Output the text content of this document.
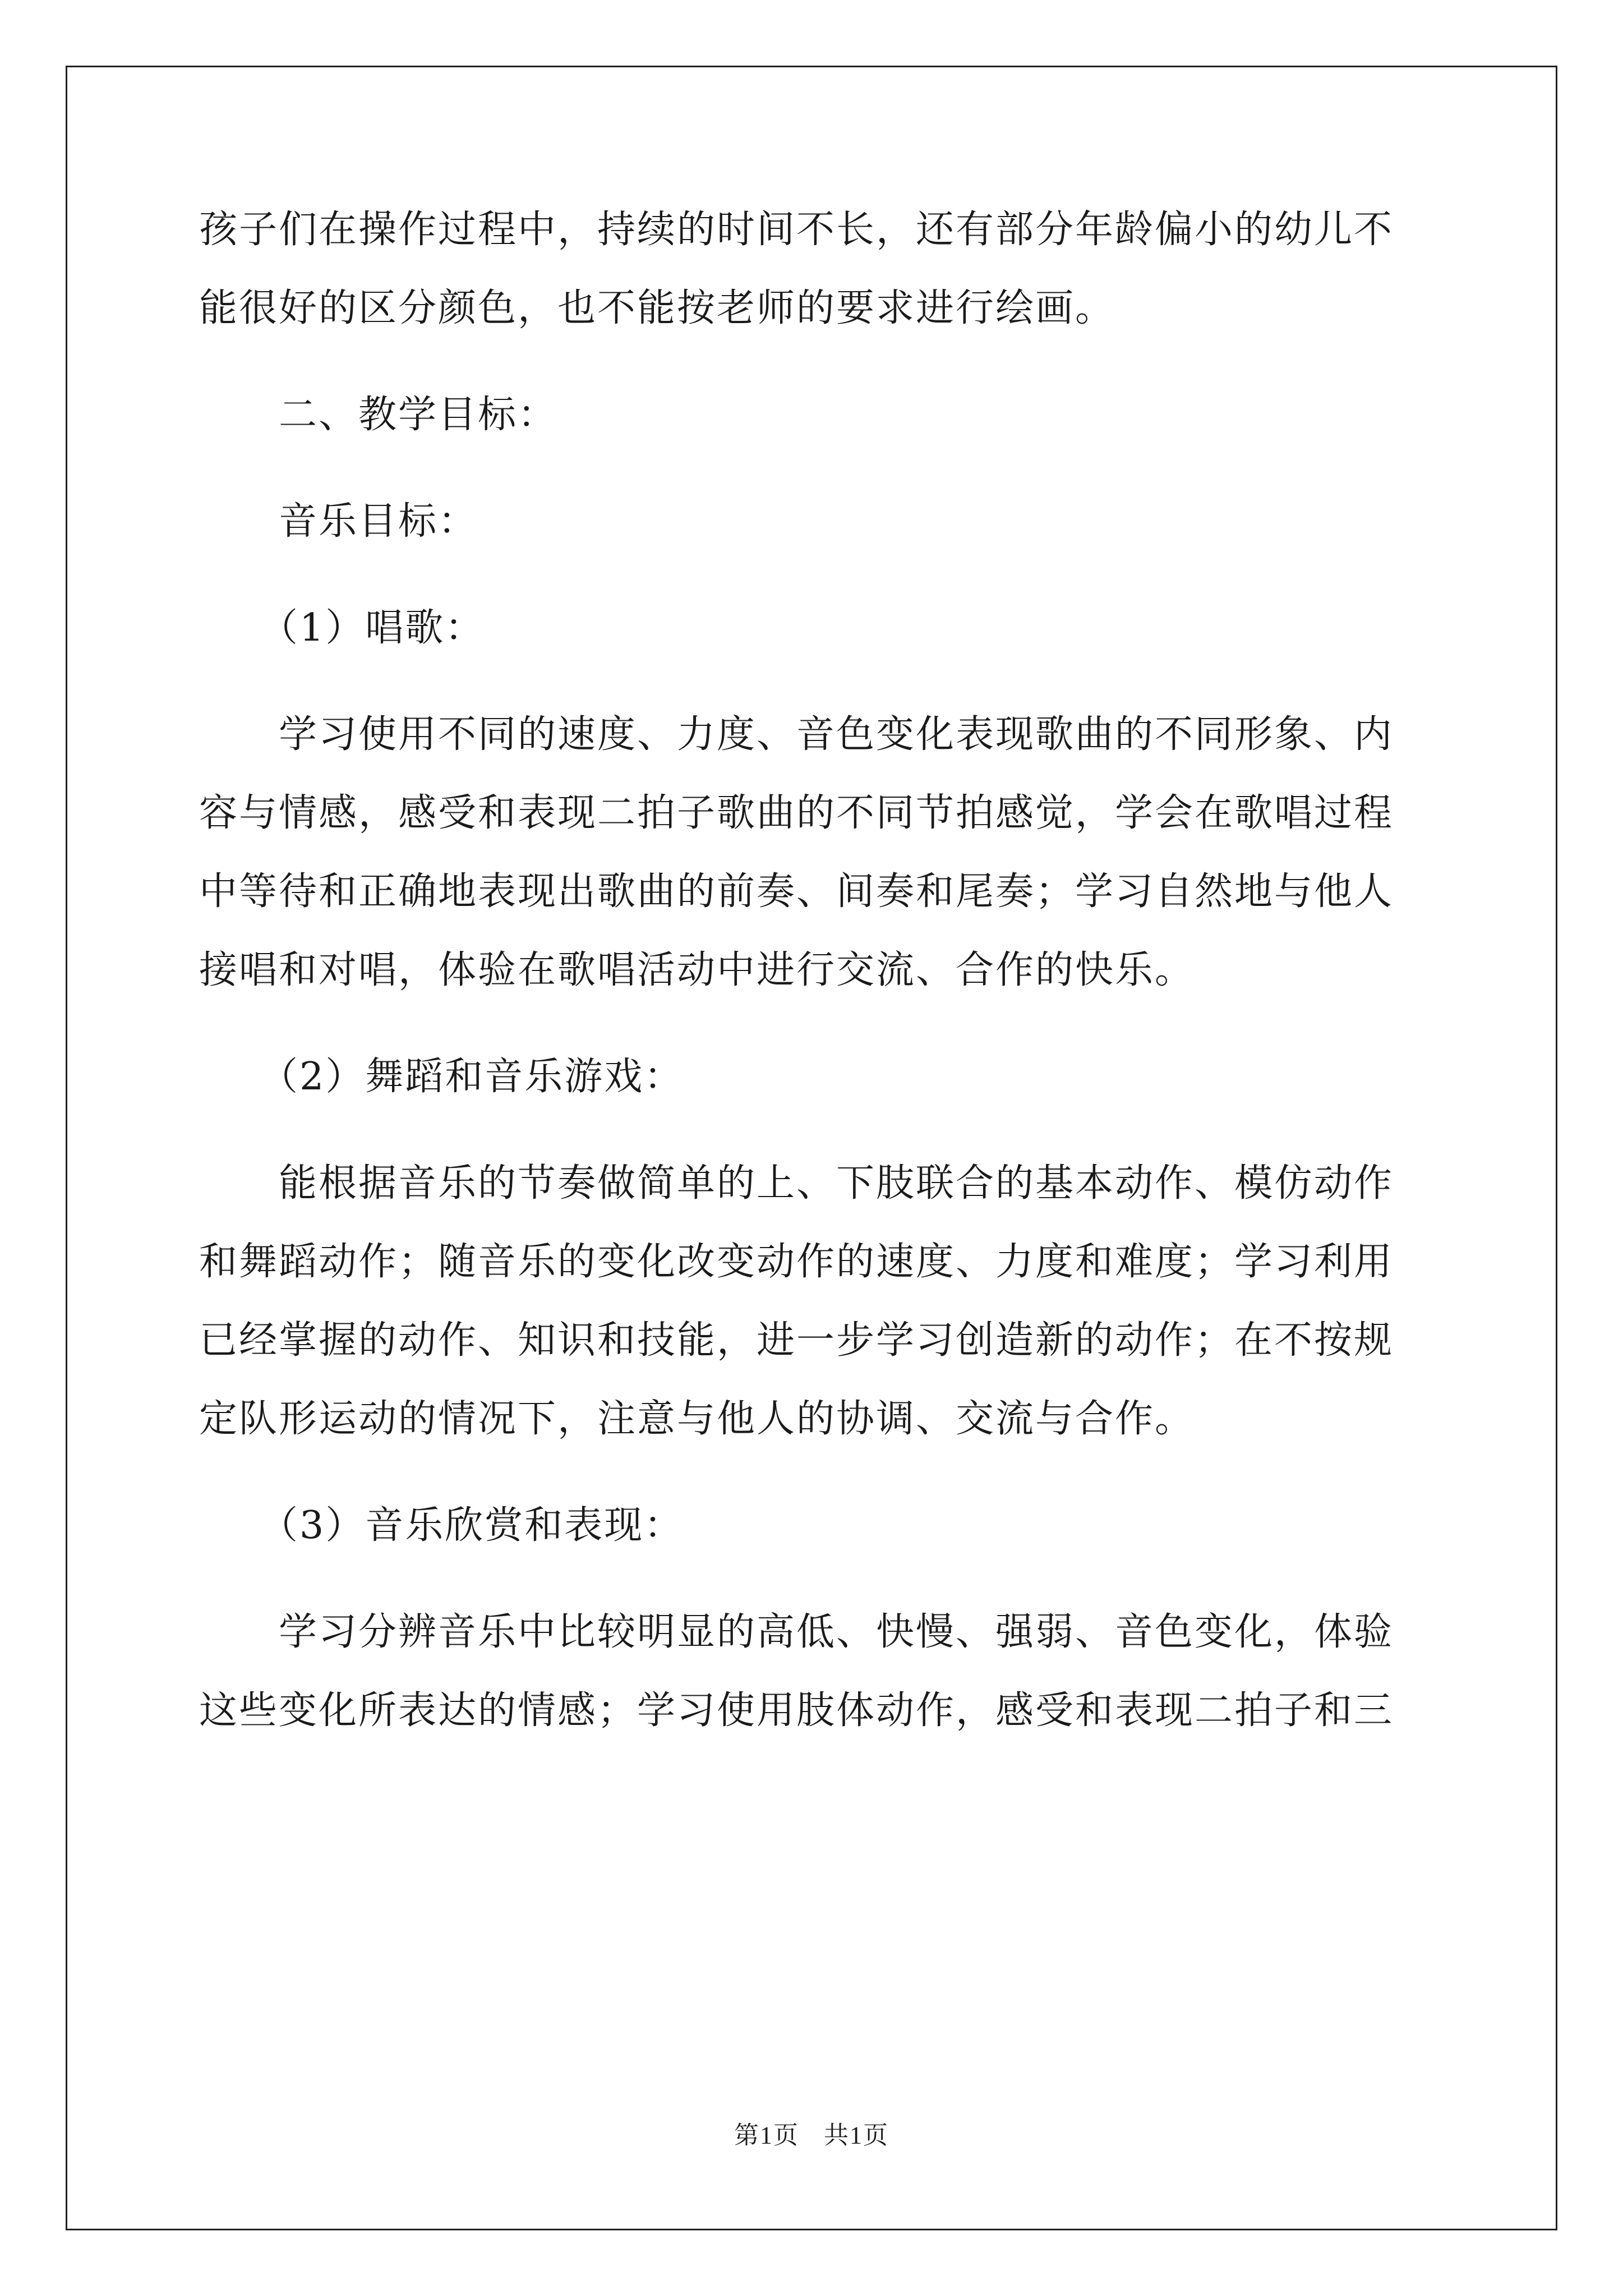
孩子们在操作过程中，持续的时间不长，还有部分年龄偏小的幼儿不
能很好的区分颜色，也不能按老师的要求进行绘画。
　　二、教学目标：
　　音乐目标：
　　（1）唱歌：
　　学习使用不同的速度、力度、音色变化表现歌曲的不同形象、内
容与情感，感受和表现二拍子歌曲的不同节拍感觉，学会在歌唱过程
中等待和正确地表现出歌曲的前奏、间奏和尾奏；学习自然地与他人
接唱和对唱，体验在歌唱活动中进行交流、合作的快乐。
　　（2）舞蹈和音乐游戏：
　　能根据音乐的节奏做简单的上、下肢联合的基本动作、模仿动作
和舞蹈动作；随音乐的变化改变动作的速度、力度和难度；学习利用
已经掌握的动作、知识和技能，进一步学习创造新的动作；在不按规
定队形运动的情况下，注意与他人的协调、交流与合作。
　　（3）音乐欣赏和表现：
　　学习分辨音乐中比较明显的高低、快慢、强弱、音色变化，体验
这些变化所表达的情感；学习使用肢体动作，感受和表现二拍子和三
第1页 共1页
